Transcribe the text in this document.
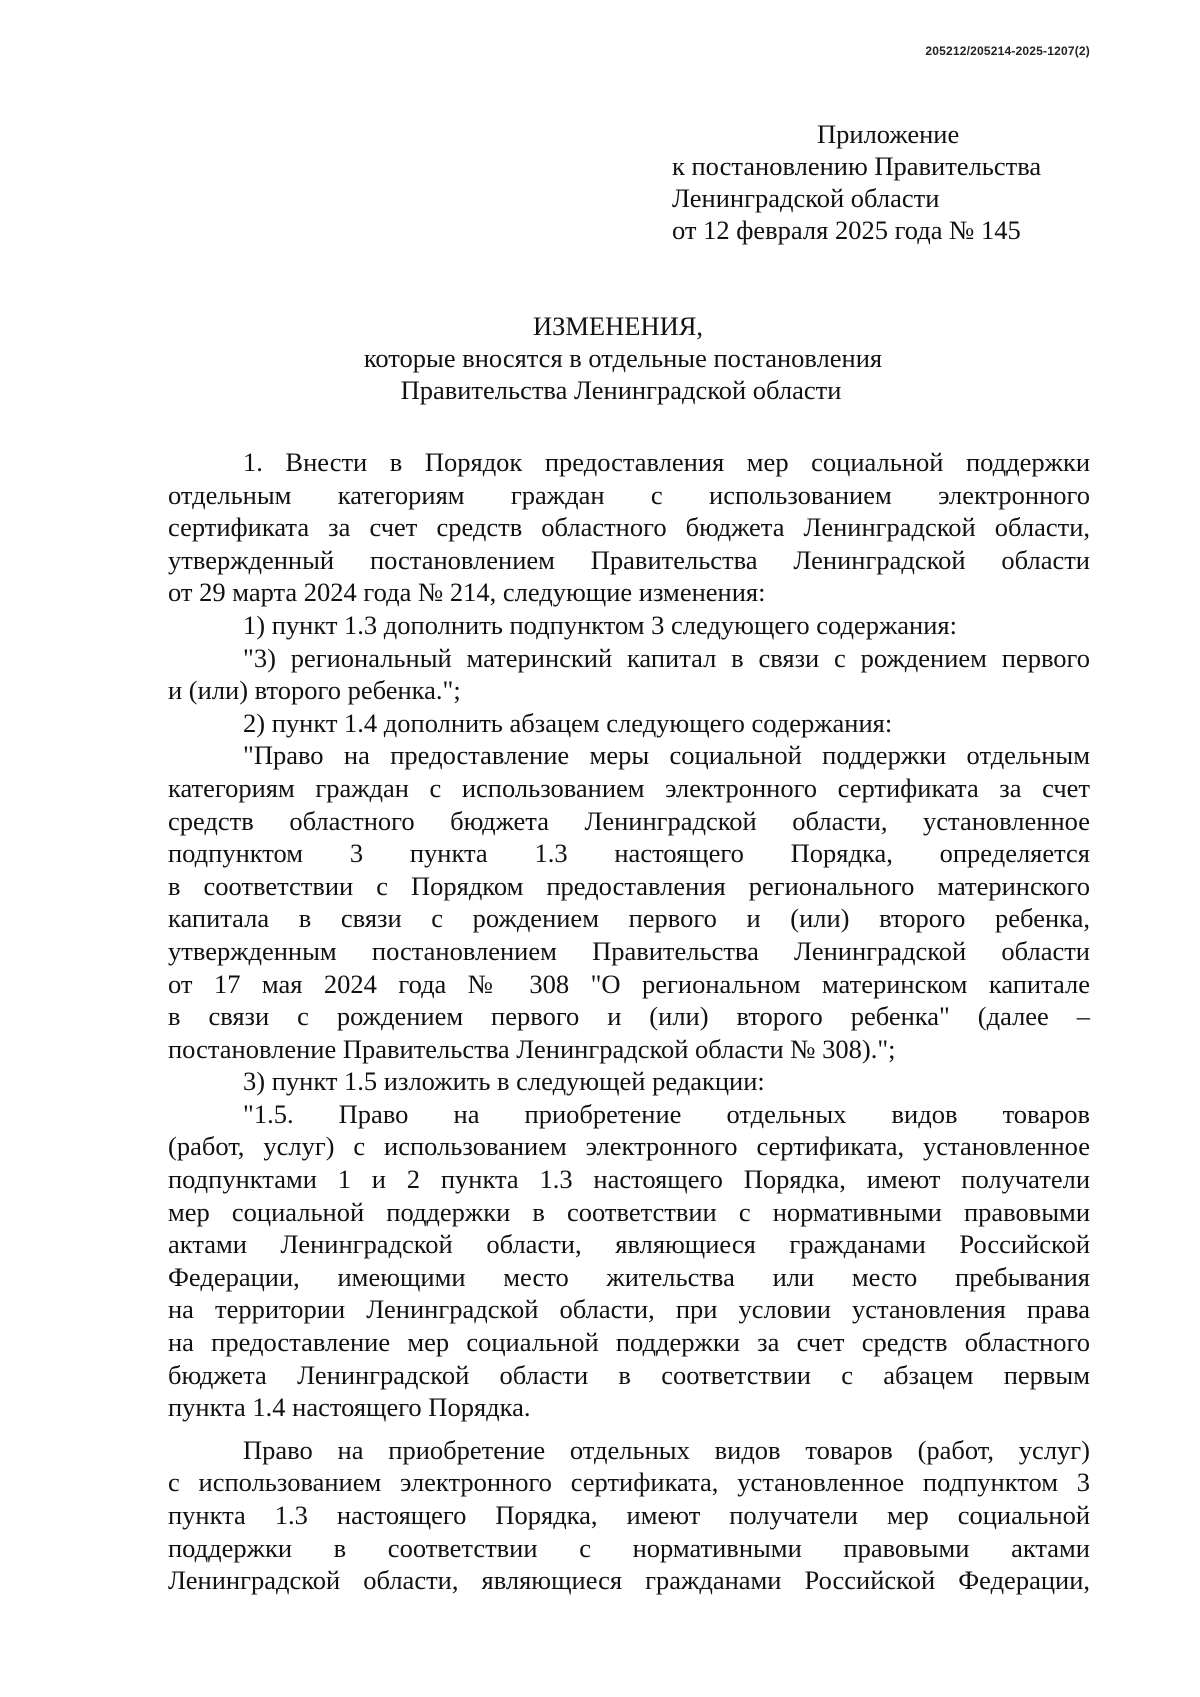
205212/205214-2025-1207(2)
Приложение
к постановлению Правительства
Ленинградской области
от 12 февраля 2025 года № 145
ИЗМЕНЕНИЯ,
которые вносятся в отдельные постановления
Правительства Ленинградской области
1. Внести в Порядок предоставления мер социальной поддержки
отдельным категориям граждан с использованием электронного
сертификата за счет средств областного бюджета Ленинградской области,
утвержденный постановлением Правительства Ленинградской области
от 29 марта 2024 года № 214, следующие изменения:
1) пункт 1.3 дополнить подпунктом 3 следующего содержания:
"3) региональный материнский капитал в связи с рождением первого
и (или) второго ребенка.";
2) пункт 1.4 дополнить абзацем следующего содержания:
"Право на предоставление меры социальной поддержки отдельным
категориям граждан с использованием электронного сертификата за счет
средств областного бюджета Ленинградской области, установленное
подпунктом 3 пункта 1.3 настоящего Порядка, определяется
в соответствии с Порядком предоставления регионального материнского
капитала в связи с рождением первого и (или) второго ребенка,
утвержденным постановлением Правительства Ленинградской области
от 17 мая 2024 года № 308 "О региональном материнском капитале
в связи с рождением первого и (или) второго ребенка" (далее –
постановление Правительства Ленинградской области № 308).";
3) пункт 1.5 изложить в следующей редакции:
"1.5. Право на приобретение отдельных видов товаров
(работ, услуг) с использованием электронного сертификата, установленное
подпунктами 1 и 2 пункта 1.3 настоящего Порядка, имеют получатели
мер социальной поддержки в соответствии с нормативными правовыми
актами Ленинградской области, являющиеся гражданами Российской
Федерации, имеющими место жительства или место пребывания
на территории Ленинградской области, при условии установления права
на предоставление мер социальной поддержки за счет средств областного
бюджета Ленинградской области в соответствии с абзацем первым
пункта 1.4 настоящего Порядка.
Право на приобретение отдельных видов товаров (работ, услуг)
с использованием электронного сертификата, установленное подпунктом 3
пункта 1.3 настоящего Порядка, имеют получатели мер социальной
поддержки в соответствии с нормативными правовыми актами
Ленинградской области, являющиеся гражданами Российской Федерации,
